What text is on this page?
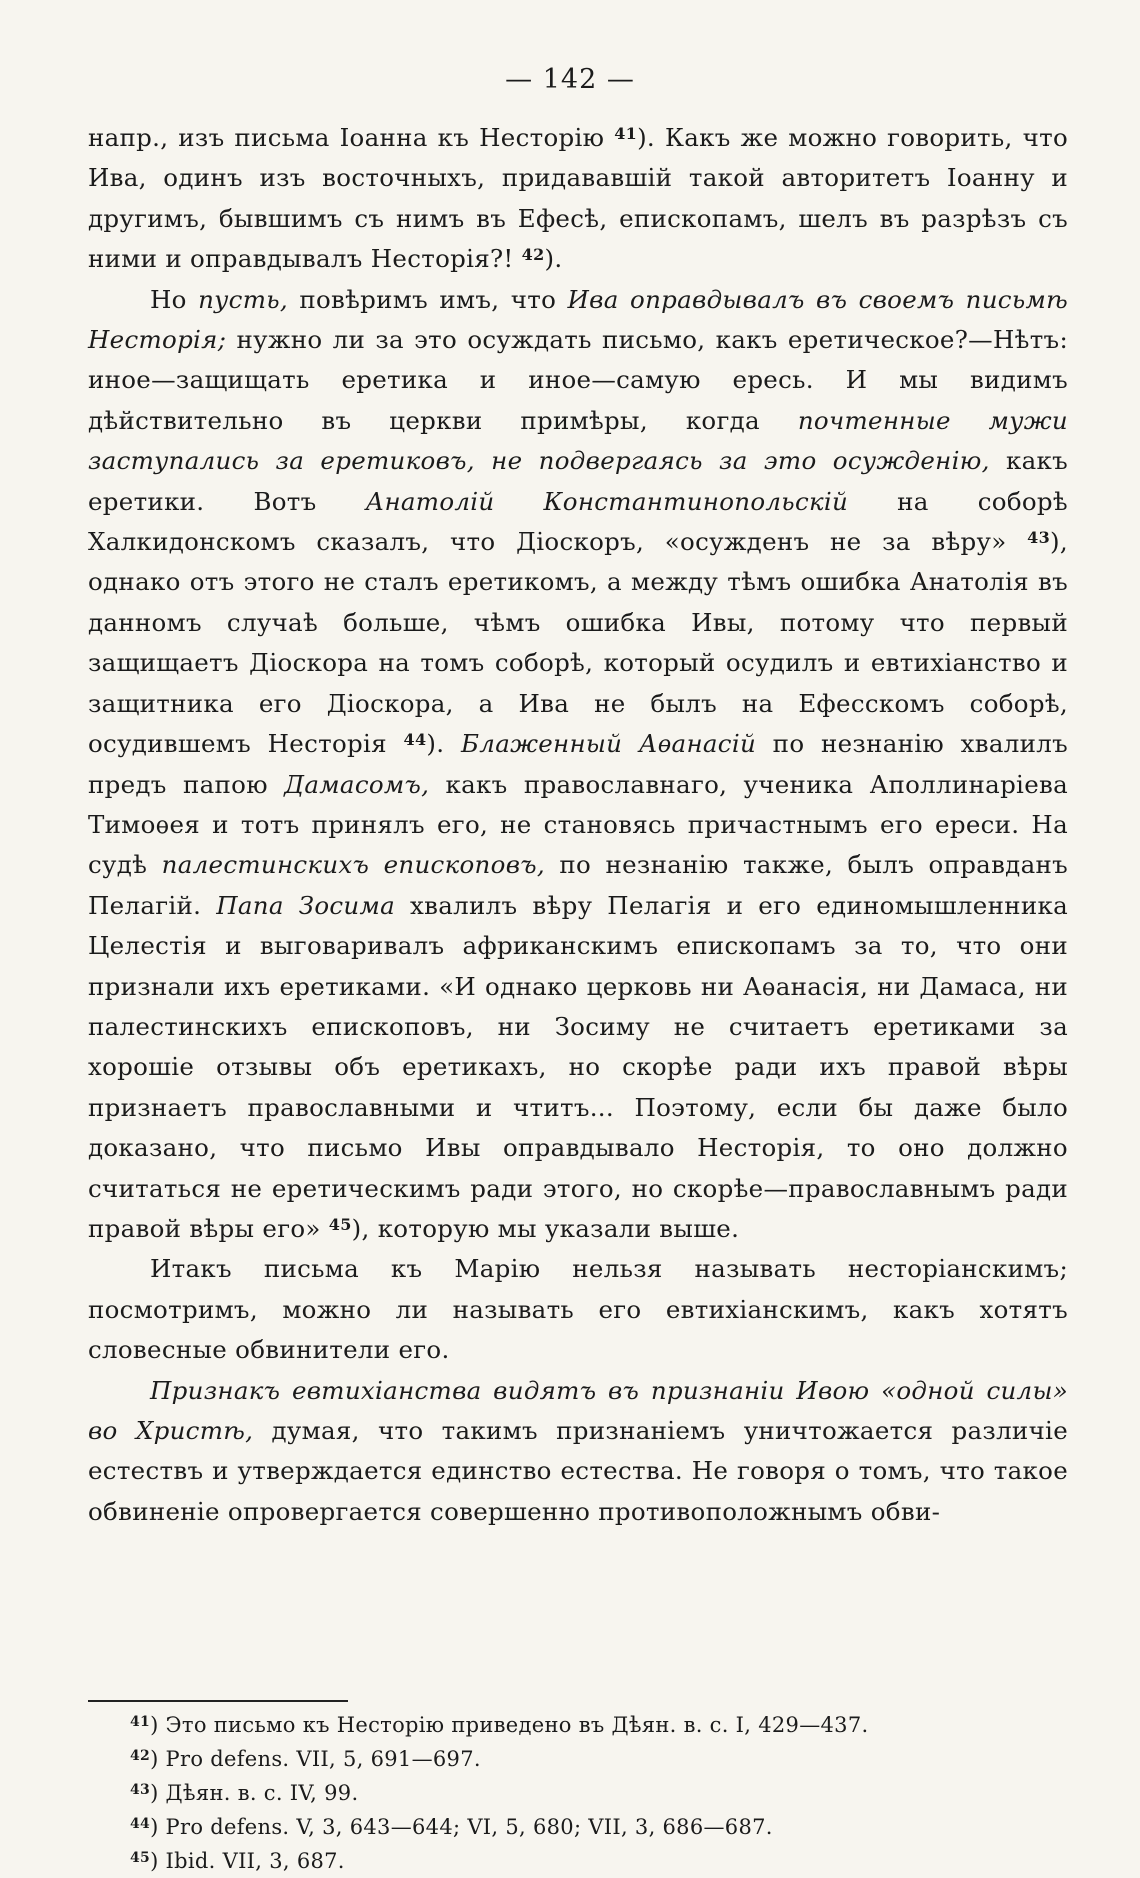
— 142 —

напр., изъ письма Іоанна къ Несторію $^{41}$). Какъ же можно говорить, что Ива, одинъ изъ восточныхъ, придававшій такой авторитетъ Іоанну и другимъ, бывшимъ съ нимъ въ Ефесѣ, епископамъ, шелъ въ разрѣзъ съ ними и оправдывалъ Несторія?! $^{42}$).

Но пусть, повѣримъ имъ, что Ива оправдывалъ въ своемъ письмѣ Несторія; нужно ли за это осуждать письмо, какъ еретическое?—Нѣтъ: иное—защищать еретика и иное—самую ересь. И мы видимъ дѣйствительно въ церкви примѣры, когда почтенные мужи заступались за еретиковъ, не подвергаясь за это осужденію, какъ еретики. Вотъ Анатолій Константинопольскій на соборѣ Халкидонскомъ сказалъ, что Діоскоръ, «осужденъ не за вѣру» $^{43}$), однако отъ этого не сталъ еретикомъ, а между тѣмъ ошибка Анатолія въ данномъ случаѣ больше, чѣмъ ошибка Ивы, потому что первый защищаетъ Діоскора на томъ соборѣ, который осудилъ и евтихіанство и защитника его Діоскора, а Ива не былъ на Ефесскомъ соборѣ, осудившемъ Несторія $^{44}$). Блаженный Аѳанасій по незнанію хвалилъ предъ папою Дамасомъ, какъ православнаго, ученика Аполлинаріева Тимоѳея и тотъ принялъ его, не становясь причастнымъ его ереси. На судѣ палестинскихъ епископовъ, по незнанію также, былъ оправданъ Пелагій. Папа Зосима хвалилъ вѣру Пелагія и его единомышленника Целестія и выговаривалъ африканскимъ епископамъ за то, что они признали ихъ еретиками. «И однако церковь ни Аѳанасія, ни Дамаса, ни палестинскихъ епископовъ, ни Зосиму не считаетъ еретиками за хорошіе отзывы объ еретикахъ, но скорѣе ради ихъ правой вѣры признаетъ православными и чтитъ... Поэтому, если бы даже было доказано, что письмо Ивы оправдывало Несторія, то оно должно считаться не еретическимъ ради этого, но скорѣе—православнымъ ради правой вѣры его» $^{45}$), которую мы указали выше.

Итакъ письма къ Марію нельзя называть несторіанскимъ; посмотримъ, можно ли называть его евтихіанскимъ, какъ хотятъ словесные обвинители его.

Признакъ евтихіанства видятъ въ признаніи Ивою «одной силы» во Христѣ, думая, что такимъ признаніемъ уничтожается различіе естествъ и утверждается единство естества. Не говоря о томъ, что такое обвиненіе опровергается совершенно противоположнымъ обви-

$^{41}$) Это письмо къ Несторію приведено въ Дѣян. в. с. I, 429—437.
$^{42}$) Pro defens. VII, 5, 691—697.
$^{43}$) Дѣян. в. с. IV, 99.
$^{44}$) Pro defens. V, 3, 643—644; VI, 5, 680; VII, 3, 686—687.
$^{45}$) Ibid. VII, 3, 687.
